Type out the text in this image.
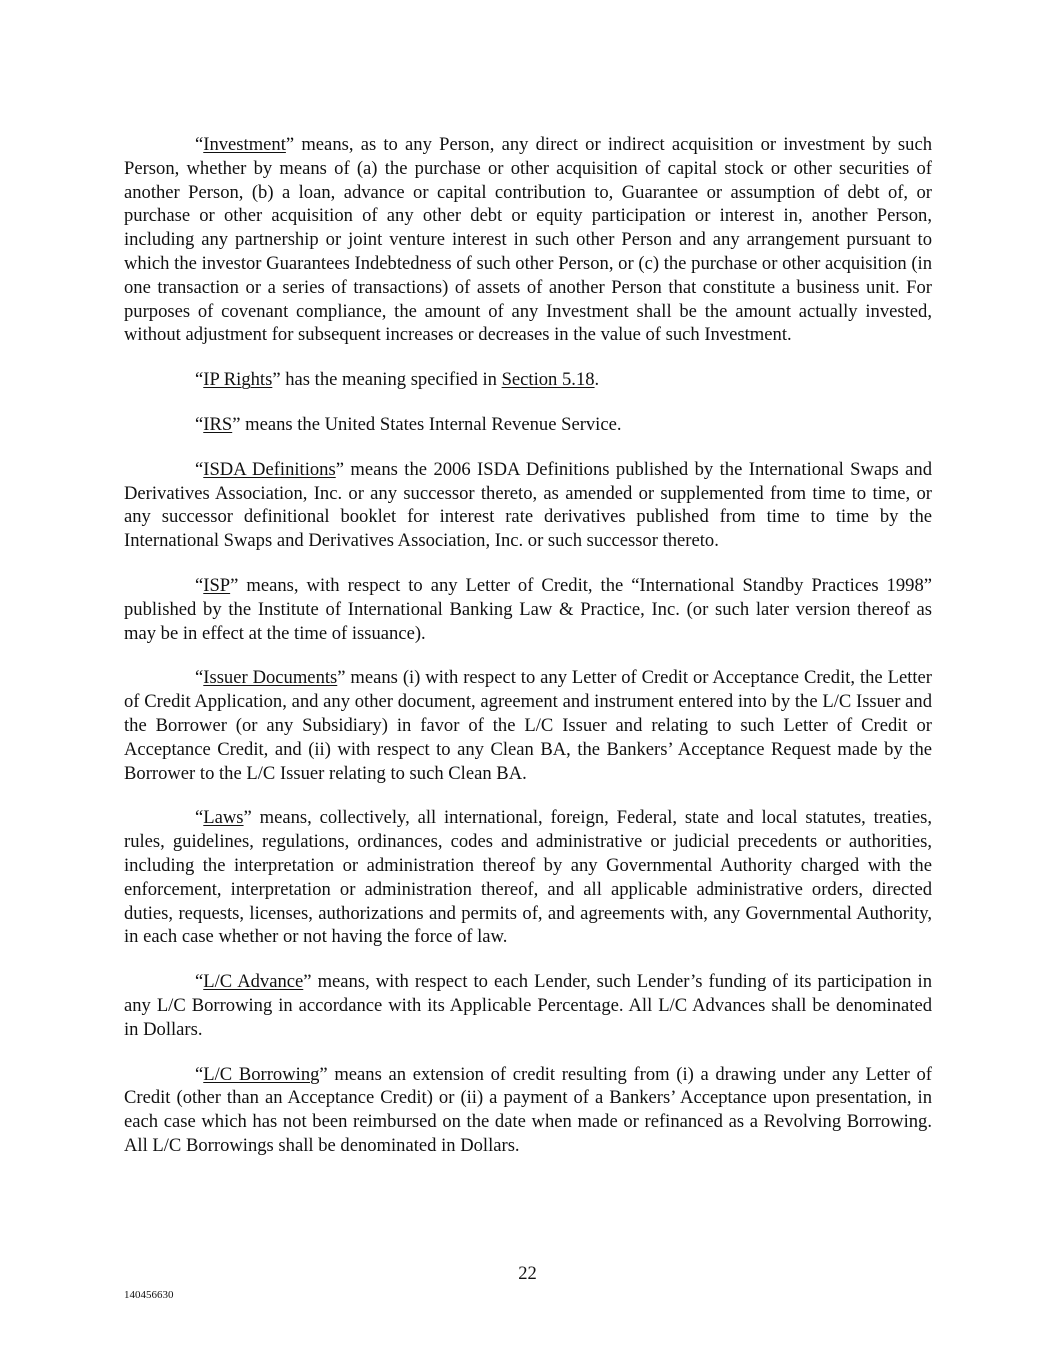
“Investment” means, as to any Person, any direct or indirect acquisition or investment by such Person, whether by means of (a) the purchase or other acquisition of capital stock or other securities of another Person, (b) a loan, advance or capital contribution to, Guarantee or assumption of debt of, or purchase or other acquisition of any other debt or equity participation or interest in, another Person, including any partnership or joint venture interest in such other Person and any arrangement pursuant to which the investor Guarantees Indebtedness of such other Person, or (c) the purchase or other acquisition (in one transaction or a series of transactions) of assets of another Person that constitute a business unit. For purposes of covenant compliance, the amount of any Investment shall be the amount actually invested, without adjustment for subsequent increases or decreases in the value of such Investment.

“IP Rights” has the meaning specified in Section 5.18.

“IRS” means the United States Internal Revenue Service.

“ISDA Definitions” means the 2006 ISDA Definitions published by the International Swaps and Derivatives Association, Inc. or any successor thereto, as amended or supplemented from time to time, or any successor definitional booklet for interest rate derivatives published from time to time by the International Swaps and Derivatives Association, Inc. or such successor thereto.

“ISP” means, with respect to any Letter of Credit, the “International Standby Practices 1998” published by the Institute of International Banking Law & Practice, Inc. (or such later version thereof as may be in effect at the time of issuance).

“Issuer Documents” means (i) with respect to any Letter of Credit or Acceptance Credit, the Letter of Credit Application, and any other document, agreement and instrument entered into by the L/C Issuer and the Borrower (or any Subsidiary) in favor of the L/C Issuer and relating to such Letter of Credit or Acceptance Credit, and (ii) with respect to any Clean BA, the Bankers’ Acceptance Request made by the Borrower to the L/C Issuer relating to such Clean BA.

“Laws” means, collectively, all international, foreign, Federal, state and local statutes, treaties, rules, guidelines, regulations, ordinances, codes and administrative or judicial precedents or authorities, including the interpretation or administration thereof by any Governmental Authority charged with the enforcement, interpretation or administration thereof, and all applicable administrative orders, directed duties, requests, licenses, authorizations and permits of, and agreements with, any Governmental Authority, in each case whether or not having the force of law.

“L/C Advance” means, with respect to each Lender, such Lender’s funding of its participation in any L/C Borrowing in accordance with its Applicable Percentage. All L/C Advances shall be denominated in Dollars.

“L/C Borrowing” means an extension of credit resulting from (i) a drawing under any Letter of Credit (other than an Acceptance Credit) or (ii) a payment of a Bankers’ Acceptance upon presentation, in each case which has not been reimbursed on the date when made or refinanced as a Revolving Borrowing. All L/C Borrowings shall be denominated in Dollars.

22
140456630
